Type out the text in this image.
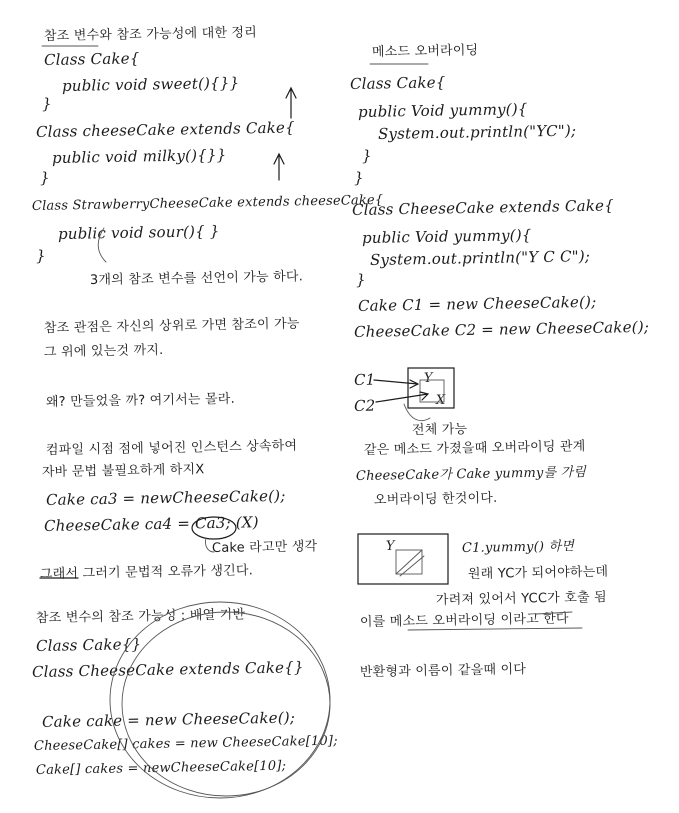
참조 변수와 참조 가능성에 대한 정리
Class Cake{
public void sweet(){}}
}
Class cheeseCake extends Cake{
public void milky(){}}
}
Class StrawberryCheeseCake extends cheeseCake{
public void sour(){ }
}
3개의 참조 변수를 선언이 가능 하다.
참조 관점은 자신의 상위로 가면 참조이 가능
그 위에 있는것 까지.
왜? 만들었을 까? 여기서는 몰라.
컴파일 시점 점에 넣어진 인스턴스 상속하여
자바 문법 불필요하게 하지X
Cake ca3 = newCheeseCake();
CheeseCake ca4 = Ca3; (X)
Cake 라고만 생각
그래서 그러기 문법적 오류가 생긴다.
참조 변수의 참조 가능성 : 배열 기반
Class Cake{}
Class CheeseCake extends Cake{}
Cake cake = new CheeseCake();
CheeseCake[] cakes = new CheeseCake[10];
Cake[] cakes = newCheeseCake[10];
메소드 오버라이딩
Class Cake{
public Void yummy(){
System.out.println("YC");
}
}
Class CheeseCake extends Cake{
public Void yummy(){
System.out.println("Y C C");
}
Cake C1 = new CheeseCake();
CheeseCake C2 = new CheeseCake();
C1
C2
전체 가능
Y
X
같은 메소드 가졌을때 오버라이딩 관계
CheeseCake가 Cake yummy를 가림
오버라이딩 한것이다.
Y	C1.yummy() 하면
원래 YC가 되어야하는데
가려져 있어서 YCC가 호출 됨
이를 메소드 오버라이딩 이라고 한다
반환형과 이름이 같을때 이다
